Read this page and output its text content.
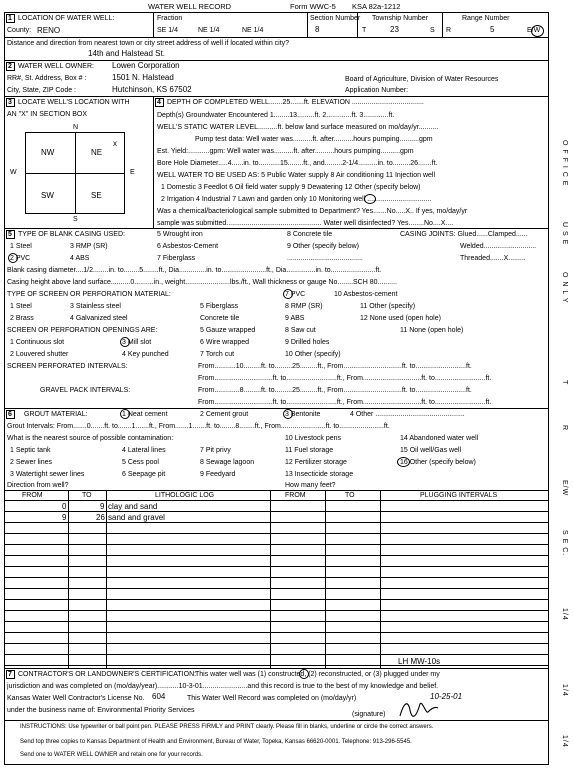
WATER WELL RECORD	Form WWC-5 KSA 82a-1212
1 LOCATION OF WATER WELL:
County: RENO
Fraction
SE 1/4	NE 1/4	NE 1/4
Section Number
8
Township Number
T	23	S
Range Number
R	5	E/W
Distance and direction from nearest town or city street address of well if located within city?
14th and Halstead St.
2 WATER WELL OWNER: Lowen Corporation
RR#, St. Address, Box # :	1501 N. Halstead
City, State, ZIP Code :	Hutchinson, KS 67502
Board of Agriculture, Division of Water Resources
Application Number:
3 LOCATE WELL'S LOCATION WITH
AN "X" IN SECTION BOX
N
S
W	E
NW	NE
SW	SE
x
4 DEPTH OF COMPLETED WELL.......25.......ft. ELEVATION .....................................
Depth(s) Groundwater Encountered 1........13.........ft. 2.............ft. 3.............ft.
WELL'S STATIC WATER LEVEL..........ft. below land surface measured on mo/day/yr..........
Pump test data: Well water was..........ft. after..........hours pumping..........gpm
Est. Yield:...........gpm: Well water was..........ft. after..........hours pumping..........gpm
Bore Hole Diameter.....4......in. to...........15........ft., and.........2-1/4..........in. to.........26.......ft.
WELL WATER TO BE USED AS: 5 Public Water supply 8 Air conditioning 11 Injection well
1 Domestic 3 Feedlot 6 Oil field water supply 9 Dewatering 12 Other (specify below)
2 Irrigation 4 Industrial 7 Lawn and garden only 10 Monitoring well .................................
Was a chemical/bacteriological sample submitted to Department? Yes.......No.....X.. If yes, mo/day/yr
sample was submitted................................................. Water well disinfected? Yes........No....X....
5 TYPE OF BLANK CASING USED:	5 Wrought iron	8 Concrete tile	CASING JOINTS: Glued......Clamped......
1 Steel	3 RMP (SR)	6 Asbestos-Cement	9 Other (specify below)	Welded...........................
2 PVC	4 ABS	7 Fiberglass	.......................................	Threaded.......X.........
Blank casing diameter....1/2........in. to........5........ft., Dia..............in. to.......................ft., Dia...............in. to.......................ft.
Casing height above land surface..........0..........in., weight.......................lbs./ft., Wall thickness or gauge No........SCH 80..........
TYPE OF SCREEN OR PERFORATION MATERIAL:	7 PVC	10 Asbestos-cement
1 Steel	3 Stainless steel	5 Fiberglass	8 RMP (SR)	11 Other (specify)
2 Brass	4 Galvanized steel	Concrete tile	9 ABS	12 None used (open hole)
SCREEN OR PERFORATION OPENINGS ARE:	5 Gauze wrapped	8 Saw cut	11 None (open hole)
1 Continuous slot	3 Mill slot	6 Wire wrapped	9 Drilled holes
2 Louvered shutter	4 Key punched	7 Torch cut	10 Other (specify)
SCREEN PERFORATED INTERVALS:	From...........10.........ft. to.........25.........ft., From..............................ft. to..........................ft.
From..............................ft. to..........................ft., From..............................ft. to..........................ft.
GRAVEL PACK INTERVALS:	From.............8.........ft. to.........25.........ft., From..............................ft. to..........................ft.
From..............................ft. to..........................ft., From..............................ft. to..........................ft.
6 GROUT MATERIAL:	1 Neat cement	2 Cement grout	3 Bentonite	4 Other ..............................................
Grout Intervals: From.......0.......ft. to.......1.......ft., From.......1.......ft. to........8........ft., From.......................ft. to.......................ft.
What is the nearest source of possible contamination:	10 Livestock pens	14 Abandoned water well
1 Septic tank	4 Lateral lines	7 Pit privy	11 Fuel storage	15 Oil well/Gas well
2 Sewer lines	5 Cess pool	8 Sewage lagoon	12 Fertilizer storage	16 Other (specify below)
3 Watertight sewer lines	6 Seepage pit	9 Feedyard	13 Insecticide storage
Direction from well?	How many feet?
FROM	TO	LITHOLOGIC LOG	FROM	TO	PLUGGING INTERVALS
0	9 clay and sand
9	26 sand and gravel
LH MW-10s
7 CONTRACTOR'S OR LANDOWNER'S CERTIFICATION:
This water well was (1) constructed, (2) reconstructed, or (3) plugged under my
jurisdiction and was completed on (mo/day/year)...........10-3-01.......................and this record is true to the best of my knowledge and belief.
Kansas Water Well Contractor's License No. 604	This Water Well Record was completed on (mo/day/yr)	10-25-01
under the business name of: Environmental Priority Services
(signature)
INSTRUCTIONS: Use typewriter or ball point pen. PLEASE PRESS FIRMLY and PRINT clearly. Please fill in blanks, underline or circle the correct answers.
Send top three copies to Kansas Department of Health and Environment, Bureau of Water, Topeka, Kansas 66620-0001. Telephone: 913-296-5545.
Send one to WATER WELL OWNER and retain one for your records.
O F F I C E
U S E
O N L Y
T
R
E/W
S E C.
1/4
1/4
1/4
